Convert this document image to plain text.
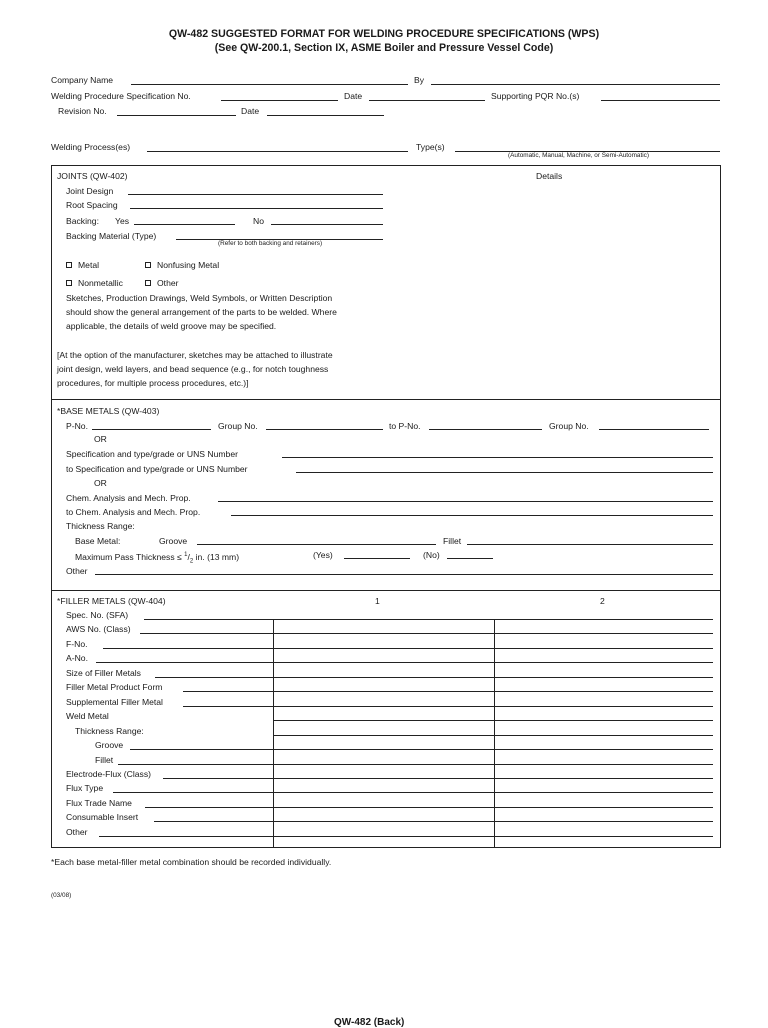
QW-482 SUGGESTED FORMAT FOR WELDING PROCEDURE SPECIFICATIONS (WPS)
(See QW-200.1, Section IX, ASME Boiler and Pressure Vessel Code)
Company Name	By
Welding Procedure Specification No.	Date	Supporting PQR No.(s)
Revision No.	Date
Welding Process(es)	Type(s)
(Automatic, Manual, Machine, or Semi-Automatic)
JOINTS (QW-402)	Details
Joint Design
Root Spacing
Backing: Yes	No
Backing Material (Type)
(Refer to both backing and retainers)
Metal	Nonfusing Metal
Nonmetallic	Other
Sketches, Production Drawings, Weld Symbols, or Written Description
should show the general arrangement of the parts to be welded. Where
applicable, the details of weld groove may be specified.
[At the option of the manufacturer, sketches may be attached to illustrate
joint design, weld layers, and bead sequence (e.g., for notch toughness
procedures, for multiple process procedures, etc.)]
*BASE METALS (QW-403)
P-No.	Group No.	to P-No.	Group No.
OR
Specification and type/grade or UNS Number
to Specification and type/grade or UNS Number
OR
Chem. Analysis and Mech. Prop.
to Chem. Analysis and Mech. Prop.
Thickness Range:
Base Metal:	Groove	Fillet
Maximum Pass Thickness ≤ $^1/_2$ in. (13 mm)	(Yes)	(No)
Other
*FILLER METALS (QW-404)	1	2
Spec. No. (SFA)
AWS No. (Class)
F-No.
A-No.
Size of Filler Metals
Filler Metal Product Form
Supplemental Filler Metal
Weld Metal
Thickness Range:
Groove
Fillet
Electrode-Flux (Class)
Flux Type
Flux Trade Name
Consumable Insert
Other
*Each base metal-filler metal combination should be recorded individually.
(03/08)
QW-482 (Back)
